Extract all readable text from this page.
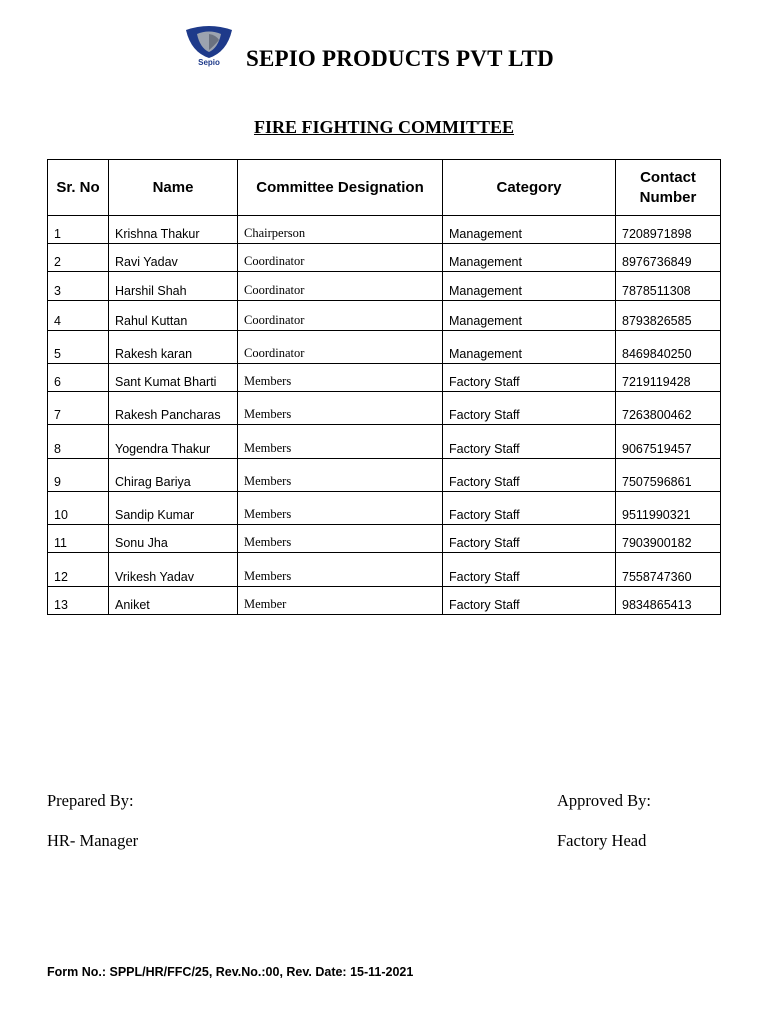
Sepio	SEPIO PRODUCTS PVT LTD
FIRE FIGHTING COMMITTEE
Sr. No	Name	Committee Designation	Category	Contact Number
1	Krishna Thakur	Chairperson	Management	7208971898
2	Ravi Yadav	Coordinator	Management	8976736849
3	Harshil Shah	Coordinator	Management	7878511308
4	Rahul Kuttan	Coordinator	Management	8793826585
5	Rakesh karan	Coordinator	Management	8469840250
6	Sant Kumat Bharti	Members	Factory Staff	7219119428
7	Rakesh Pancharas	Members	Factory Staff	7263800462
8	Yogendra Thakur	Members	Factory Staff	9067519457
9	Chirag Bariya	Members	Factory Staff	7507596861
10	Sandip Kumar	Members	Factory Staff	9511990321
11	Sonu Jha	Members	Factory Staff	7903900182
12	Vrikesh Yadav	Members	Factory Staff	7558747360
13	Aniket	Member	Factory Staff	9834865413
Prepared By:
HR- Manager
Approved By:
Factory Head
Form No.: SPPL/HR/FFC/25, Rev.No.:00, Rev. Date: 15-11-2021
